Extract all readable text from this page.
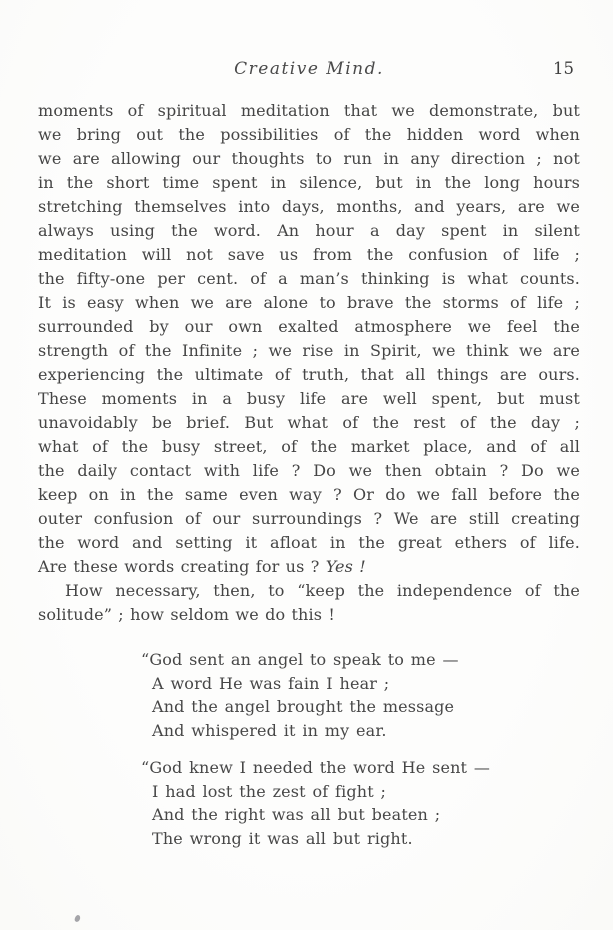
Creative Mind.	15
moments of spiritual meditation that we demonstrate, but
we bring out the possibilities of the hidden word when
we are allowing our thoughts to run in any direction ; not
in the short time spent in silence, but in the long hours
stretching themselves into days, months, and years, are we
always using the word. An hour a day spent in silent
meditation will not save us from the confusion of life ;
the fifty-one per cent. of a man’s thinking is what counts.
It is easy when we are alone to brave the storms of life ;
surrounded by our own exalted atmosphere we feel the
strength of the Infinite ; we rise in Spirit, we think we are
experiencing the ultimate of truth, that all things are ours.
These moments in a busy life are well spent, but must
unavoidably be brief. But what of the rest of the day ;
what of the busy street, of the market place, and of all
the daily contact with life ? Do we then obtain ? Do we
keep on in the same even way ? Or do we fall before the
outer confusion of our surroundings ? We are still creating
the word and setting it afloat in the great ethers of life.
Are these words creating for us ? Yes !
How necessary, then, to “keep the independence of the
solitude” ; how seldom we do this !
“God sent an angel to speak to me —
A word He was fain I hear ;
And the angel brought the message
And whispered it in my ear.
“God knew I needed the word He sent —
I had lost the zest of fight ;
And the right was all but beaten ;
The wrong it was all but right.
